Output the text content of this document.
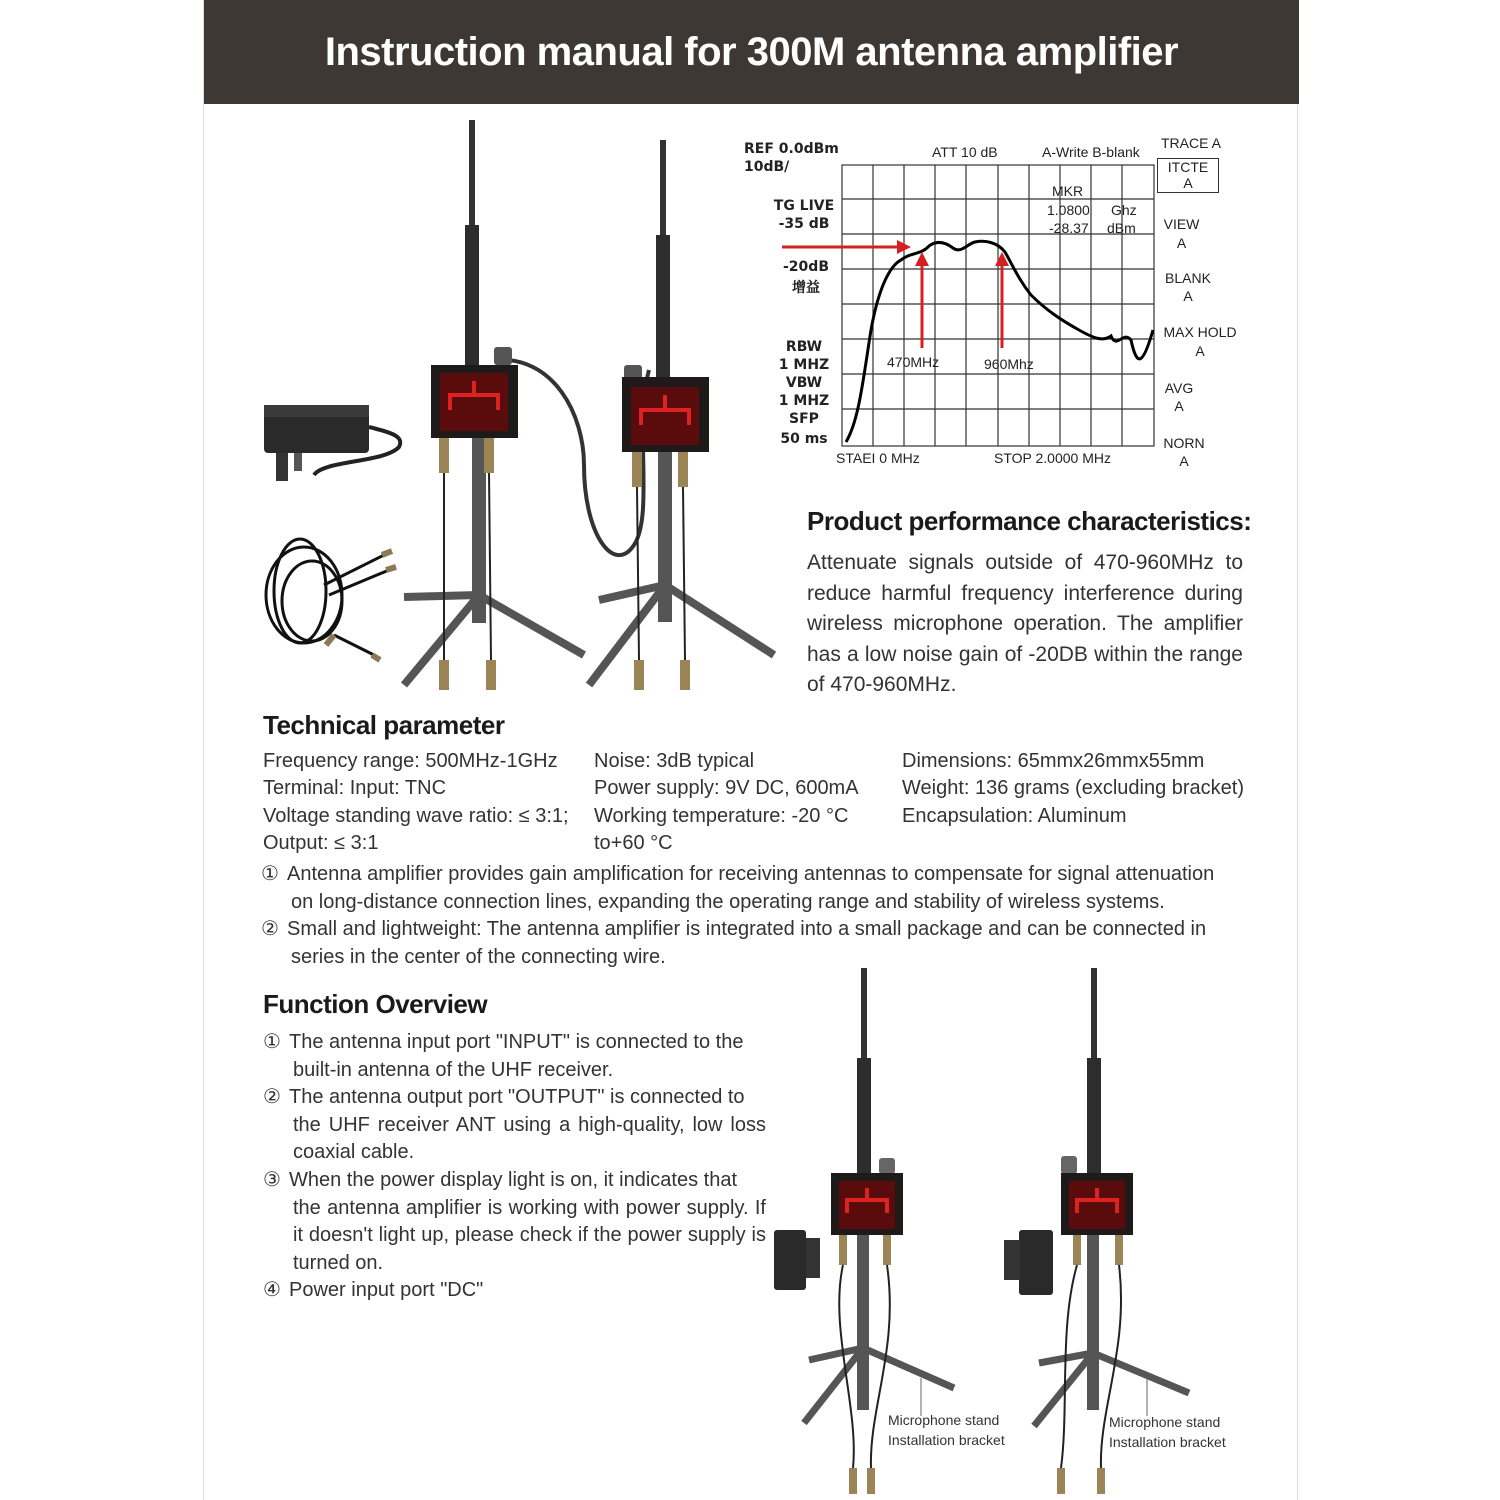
Instruction manual for 300M antenna amplifier
REF 0.0dBm
10dB/
ATT 10 dB	A-Write B-blank
TRACE A
ITCTE
A
TG LIVE
-35 dB
-20dB
增益
RBW
1 MHZ
VBW
1 MHZ
SFP
50 ms
MKR
1.0800 Ghz
-28.37 dBm
470MHz	960Mhz
STAEI 0 MHz	STOP 2.0000 MHz
VIEW
A
BLANK
A
MAX HOLD
A
AVG
A
NORN
A
Product performance characteristics:

Attenuate signals outside of 470-960MHz to reduce harmful frequency interference during wireless microphone operation. The amplifier has a low noise gain of -20DB within the range of 470-960MHz.

Technical parameter
Frequency range: 500MHz-1GHz
Terminal: Input: TNC
Voltage standing wave ratio: ≤ 3:1;
Output: ≤ 3:1
Noise: 3dB typical
Power supply: 9V DC, 600mA
Working temperature: -20 °C
to+60 °C
Dimensions: 65mmx26mmx55mm
Weight: 136 grams (excluding bracket)
Encapsulation: Aluminum
① Antenna amplifier provides gain amplification for receiving antennas to compensate for signal attenuation
on long-distance connection lines, expanding the operating range and stability of wireless systems.
② Small and lightweight: The antenna amplifier is integrated into a small package and can be connected in
series in the center of the connecting wire.
Function Overview
① The antenna input port "INPUT" is connected to the
built-in antenna of the UHF receiver.
② The antenna output port "OUTPUT" is connected to
the UHF receiver ANT using a high-quality, low loss coaxial cable.
③ When the power display light is on, it indicates that
the antenna amplifier is working with power supply. If it doesn't light up, please check if the power supply is turned on.
④ Power input port "DC"
Microphone stand
Installation bracket
Microphone stand
Installation bracket
